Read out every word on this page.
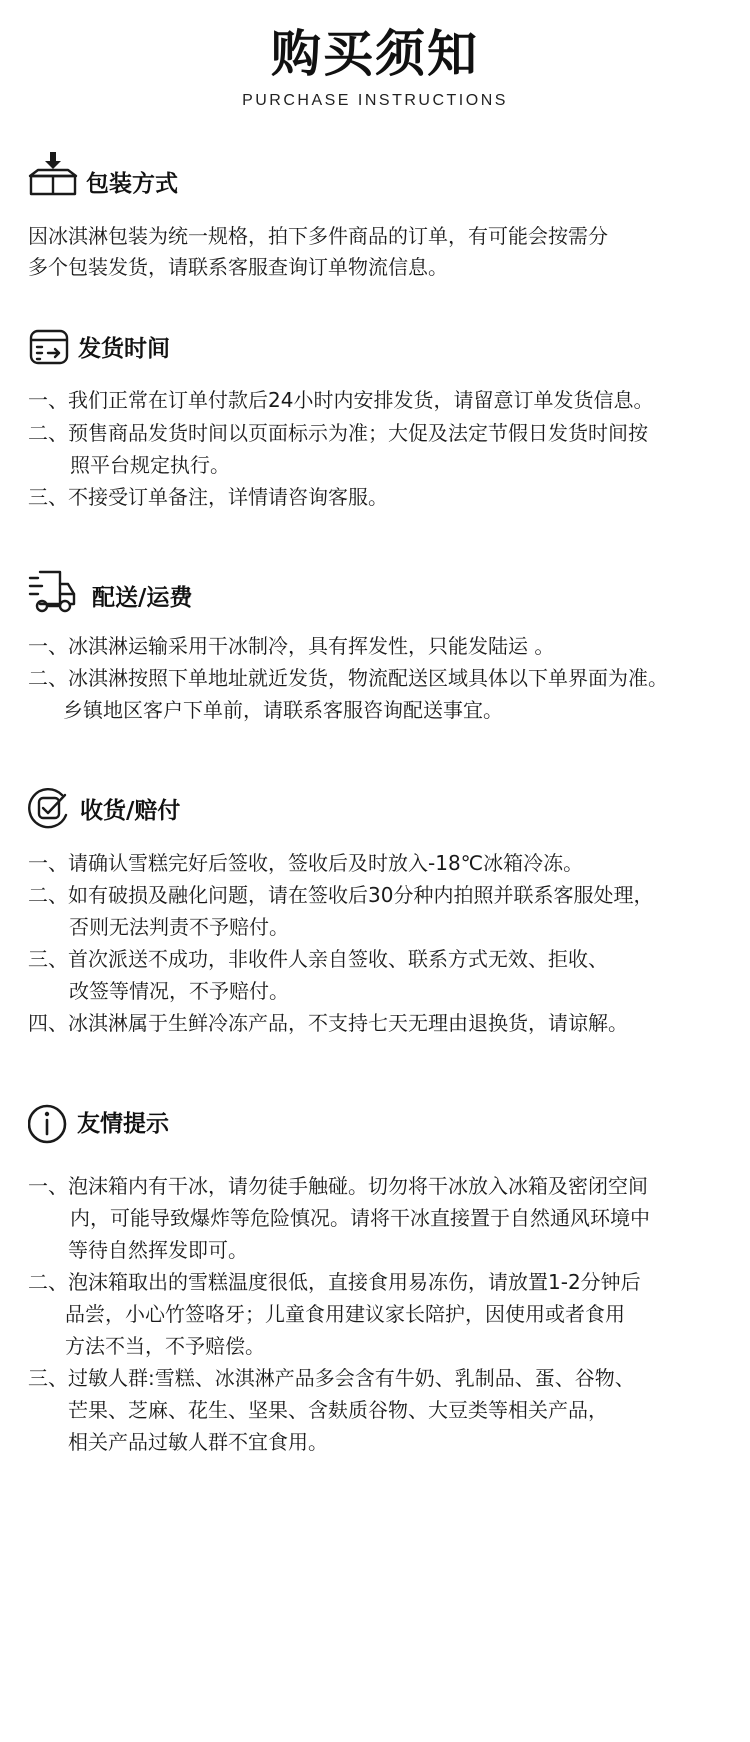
购买须知
PURCHASE INSTRUCTIONS
包装方式
因冰淇淋包装为统一规格，拍下多件商品的订单，有可能会按需分
多个包装发货，请联系客服查询订单物流信息。
发货时间
一、我们正常在订单付款后24小时内安排发货，请留意订单发货信息。
二、预售商品发货时间以页面标示为准；大促及法定节假日发货时间按
照平台规定执行。
三、不接受订单备注，详情请咨询客服。
配送/运费
一、冰淇淋运输采用干冰制冷，具有挥发性，只能发陆运 。
二、冰淇淋按照下单地址就近发货，物流配送区域具体以下单界面为准。
乡镇地区客户下单前，请联系客服咨询配送事宜。
收货/赔付
一、请确认雪糕完好后签收，签收后及时放入-18℃冰箱冷冻。
二、如有破损及融化问题，请在签收后30分种内拍照并联系客服处理，
否则无法判责不予赔付。
三、首次派送不成功，非收件人亲自签收、联系方式无效、拒收、
改签等情况，不予赔付。
四、冰淇淋属于生鲜冷冻产品，不支持七天无理由退换货，请谅解。
友情提示
一、泡沫箱内有干冰，请勿徒手触碰。切勿将干冰放入冰箱及密闭空间
内，可能导致爆炸等危险慎况。请将干冰直接置于自然通风环境中
等待自然挥发即可。
二、泡沫箱取出的雪糕温度很低，直接食用易冻伤，请放置1-2分钟后
品尝，小心竹签咯牙；儿童食用建议家长陪护，因使用或者食用
方法不当，不予赔偿。
三、过敏人群:雪糕、冰淇淋产品多会含有牛奶、乳制品、蛋、谷物、
芒果、芝麻、花生、坚果、含麸质谷物、大豆类等相关产品，
相关产品过敏人群不宜食用。
